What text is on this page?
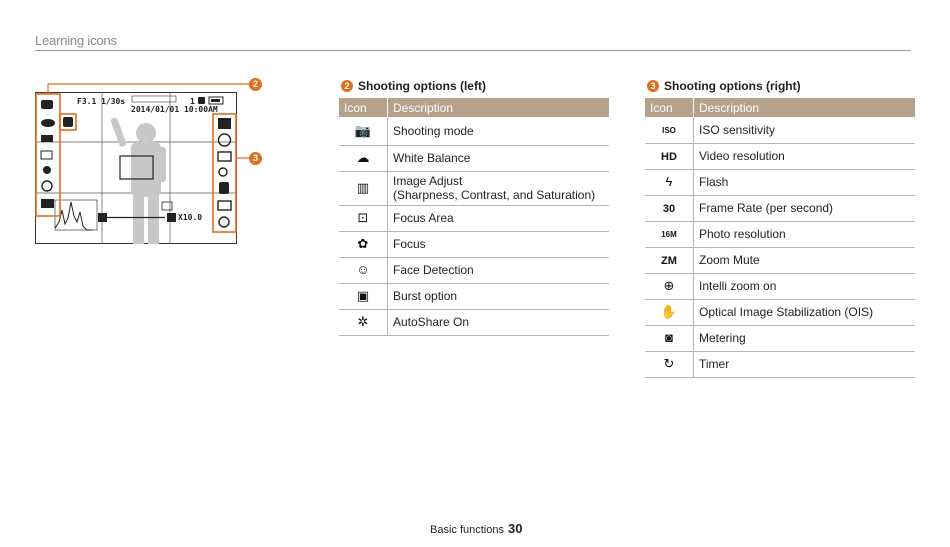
Learning icons
F3.1 1/30s
2014/01/01 10:00AM
1
X10.0
2
3
2 Shooting options (left)
Icon	Description
📷	Shooting mode

☁	White Balance

▥	Image Adjust
(Sharpness, Contrast, and Saturation)

⊡	Focus Area

✿	Focus

☺	Face Detection

▣	Burst option

✲	AutoShare On
3 Shooting options (right)
Icon	Description
ISO	ISO sensitivity

HD	Video resolution

ϟ	Flash

30	Frame Rate (per second)

16M	Photo resolution

ZM	Zoom Mute

⊕	Intelli zoom on

✋	Optical Image Stabilization (OIS)

◙	Metering

↻	Timer
Basic functions 30
